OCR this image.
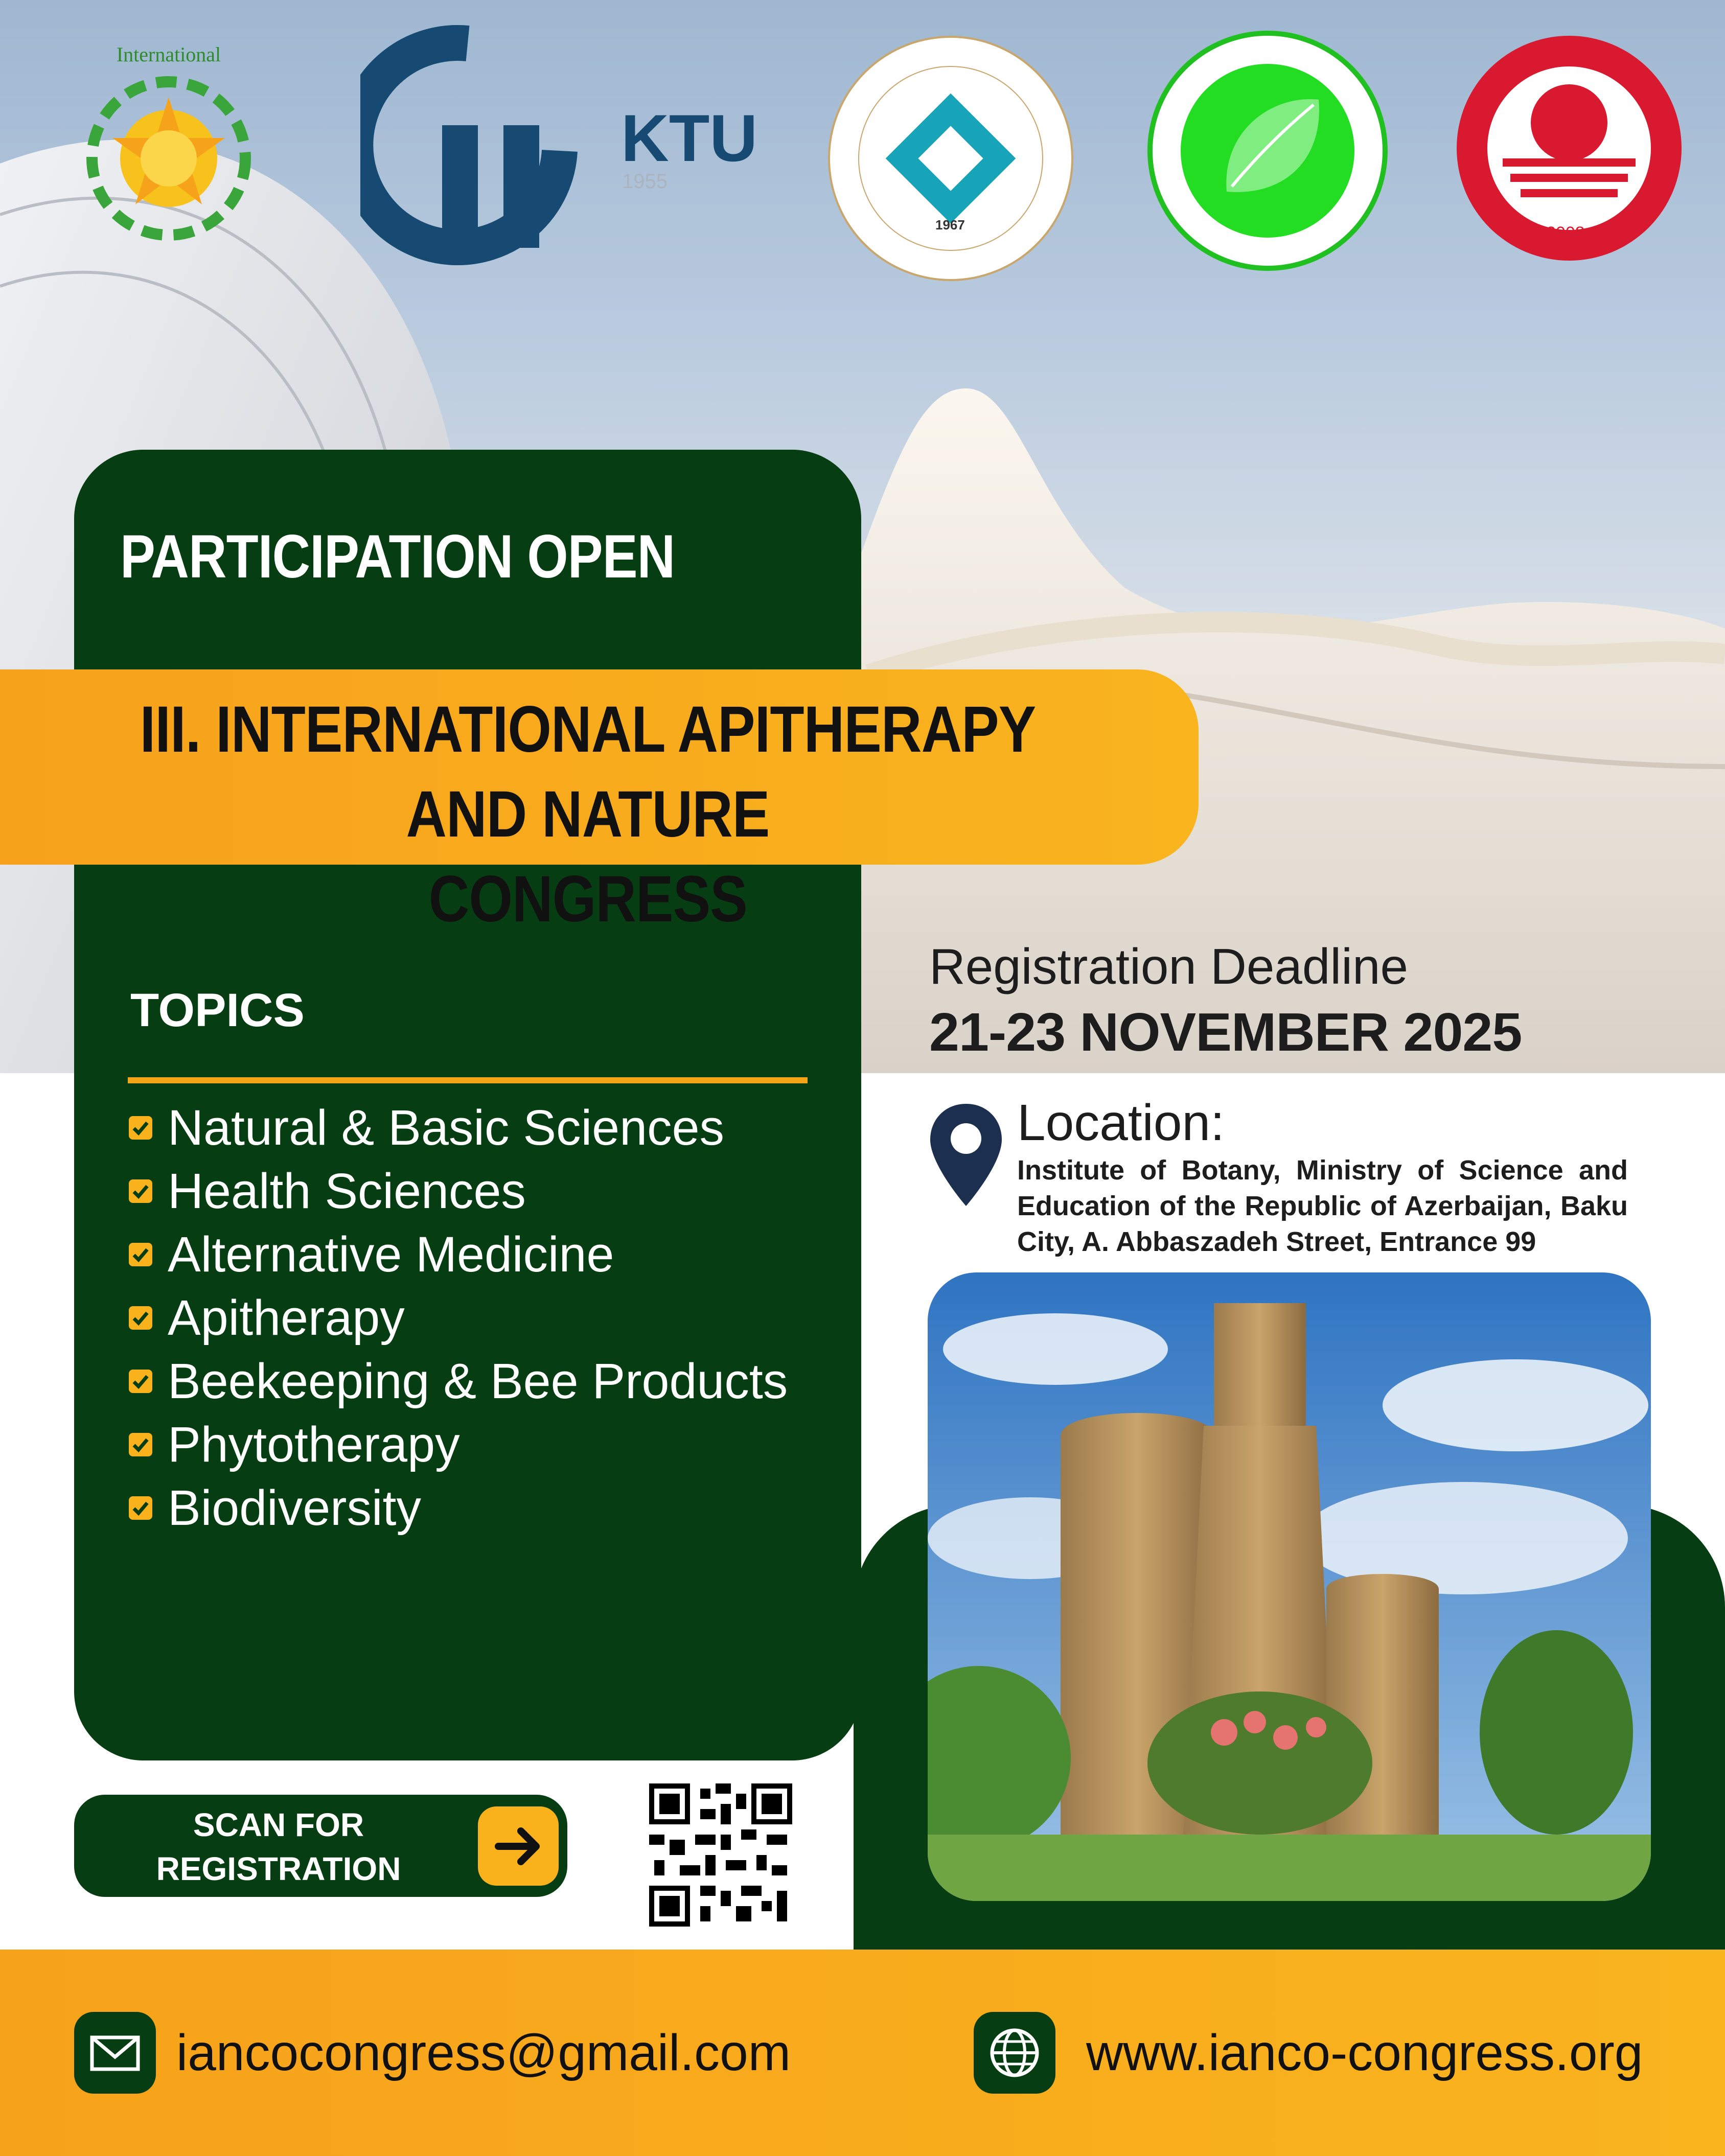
International
KTU
1955
1967	2008
PARTICIPATION OPEN
III. INTERNATIONAL APITHERAPY AND NATURE
CONGRESS
TOPICS
Natural & Basic Sciences
Health Sciences
Alternative Medicine
Apitherapy
Beekeeping & Bee Products
Phytotherapy
Biodiversity
SCAN FOR
REGISTRATION
Registration Deadline
21-23 NOVEMBER 2025
Location:
Institute of Botany, Ministry of Science and Education of the Republic of Azerbaijan, Baku City, A. Abbaszadeh Street, Entrance 99
iancocongress@gmail.com	www.ianco-congress.org
